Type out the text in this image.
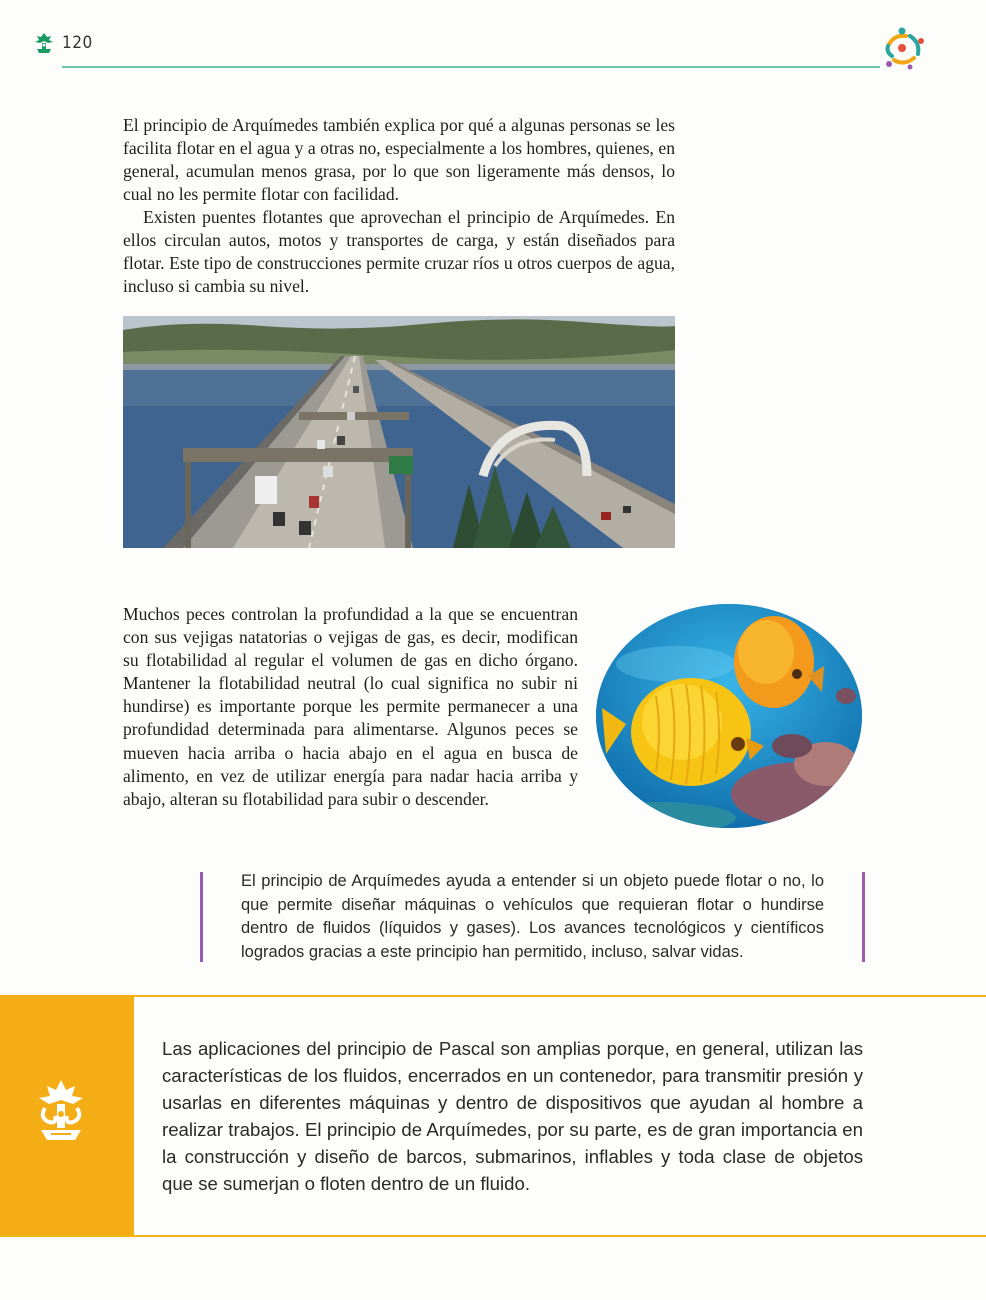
120

El principio de Arquímedes también explica por qué a algunas personas se les facilita flotar en el agua y a otras no, especialmente a los hombres, quienes, en general, acumulan menos grasa, por lo que son ligeramente más densos, lo cual no les permite flotar con facilidad.

Existen puentes flotantes que aprovechan el principio de Arquímedes. En ellos circulan autos, motos y transportes de carga, y están diseñados para flotar. Este tipo de construcciones permite cruzar ríos u otros cuerpos de agua, incluso si cambia su nivel.

Muchos peces controlan la profundidad a la que se encuentran con sus vejigas natatorias o vejigas de gas, es decir, modifican su flotabilidad al regular el volumen de gas en dicho órgano. Mantener la flotabilidad neutral (lo cual significa no subir ni hundirse) es importante porque les permite permanecer a una profundidad determinada para alimentarse. Algunos peces se mueven hacia arriba o hacia abajo en el agua en busca de alimento, en vez de utilizar energía para nadar hacia arriba y abajo, alteran su flotabilidad para subir o descender.

El principio de Arquímedes ayuda a entender si un objeto puede flotar o no, lo que permite diseñar máquinas o vehículos que requieran flotar o hundirse dentro de fluidos (líquidos y gases). Los avances tecnológicos y científicos logrados gracias a este principio han permitido, incluso, salvar vidas.

Las aplicaciones del principio de Pascal son amplias porque, en general, utilizan las características de los fluidos, encerrados en un contenedor, para transmitir presión y usarlas en diferentes máquinas y dentro de dispositivos que ayudan al hombre a realizar trabajos. El principio de Arquímedes, por su parte, es de gran importancia en la construcción y diseño de barcos, submarinos, inflables y toda clase de objetos que se sumerjan o floten dentro de un fluido.
